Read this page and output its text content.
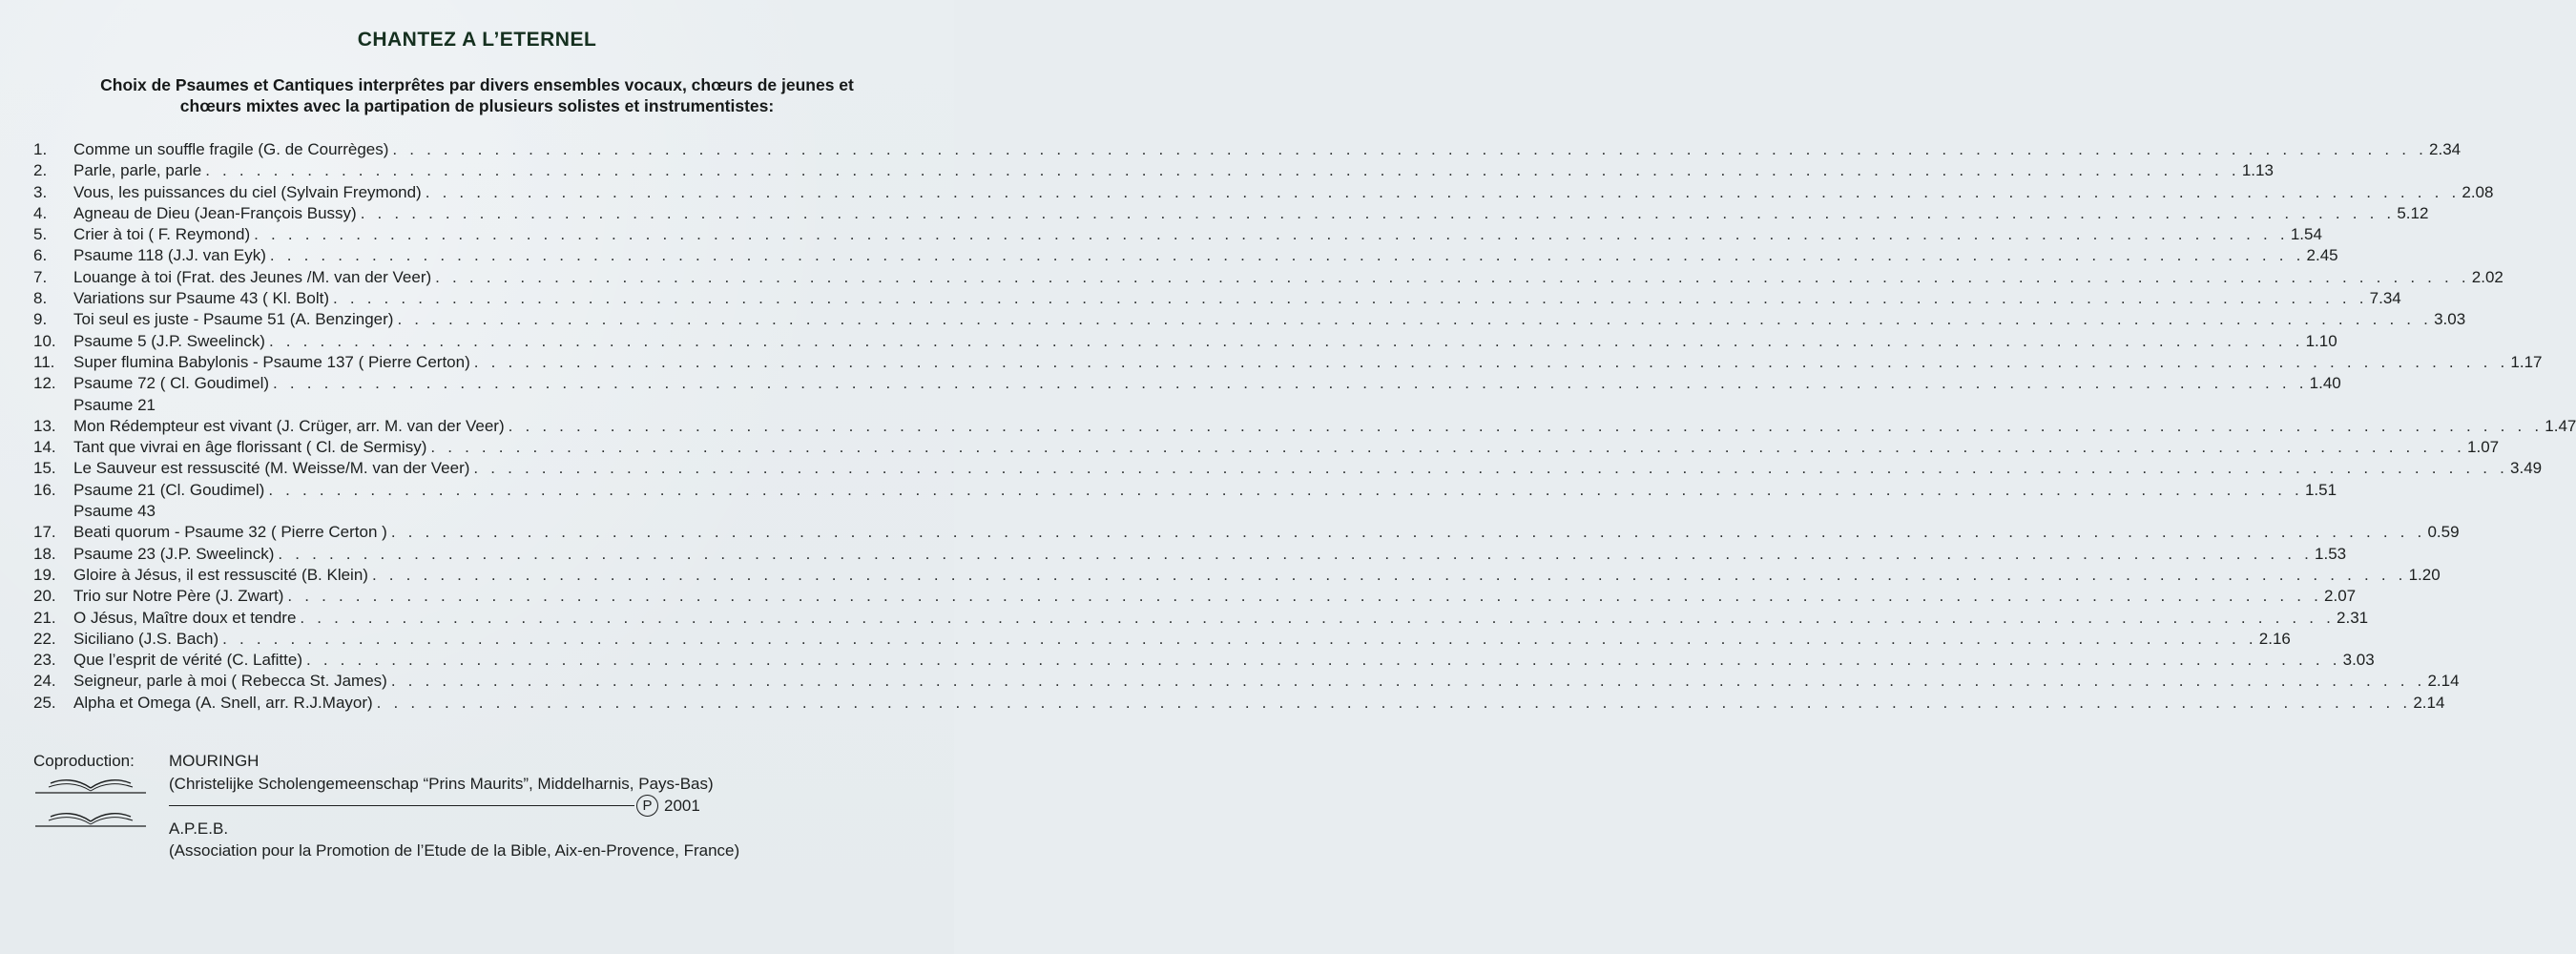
CHANTEZ A L’ETERNEL
Choix de Psaumes et Cantiques interprêtes par divers ensembles vocaux, chœurs de jeunes et
chœurs mixtes avec la partipation de plusieurs solistes et instrumentistes:
1.	Comme un souffle fragile (G. de Courrèges) . . . . . . . . . . . . . . . . . . . . . . . . . . . . . . . . . . . . . . . . . . . . . . . . . . . . . . . . . . . . . . . . . . . . . . . . . . . . . . . . . . . . . . . . . . . . . . . . . . . . . . . . . . . . . . . . . . . . . . . . 2.34
2.	Parle, parle, parle . . . . . . . . . . . . . . . . . . . . . . . . . . . . . . . . . . . . . . . . . . . . . . . . . . . . . . . . . . . . . . . . . . . . . . . . . . . . . . . . . . . . . . . . . . . . . . . . . . . . . . . . . . . . . . . . . . . . . . . . 1.13
3.	Vous, les puissances du ciel (Sylvain Freymond) . . . . . . . . . . . . . . . . . . . . . . . . . . . . . . . . . . . . . . . . . . . . . . . . . . . . . . . . . . . . . . . . . . . . . . . . . . . . . . . . . . . . . . . . . . . . . . . . . . . . . . . . . . . . . . . . . . . . . . . . 2.08
4.	Agneau de Dieu (Jean-François Bussy) . . . . . . . . . . . . . . . . . . . . . . . . . . . . . . . . . . . . . . . . . . . . . . . . . . . . . . . . . . . . . . . . . . . . . . . . . . . . . . . . . . . . . . . . . . . . . . . . . . . . . . . . . . . . . . . . . . . . . . . . 5.12
5.	Crier à toi ( F. Reymond) . . . . . . . . . . . . . . . . . . . . . . . . . . . . . . . . . . . . . . . . . . . . . . . . . . . . . . . . . . . . . . . . . . . . . . . . . . . . . . . . . . . . . . . . . . . . . . . . . . . . . . . . . . . . . . . . . . . . . . . . 1.54
6.	Psaume 118 (J.J. van Eyk) . . . . . . . . . . . . . . . . . . . . . . . . . . . . . . . . . . . . . . . . . . . . . . . . . . . . . . . . . . . . . . . . . . . . . . . . . . . . . . . . . . . . . . . . . . . . . . . . . . . . . . . . . . . . . . . . . . . . . . . . 2.45
7.	Louange à toi (Frat. des Jeunes /M. van der Veer) . . . . . . . . . . . . . . . . . . . . . . . . . . . . . . . . . . . . . . . . . . . . . . . . . . . . . . . . . . . . . . . . . . . . . . . . . . . . . . . . . . . . . . . . . . . . . . . . . . . . . . . . . . . . . . . . . . . . . . . . 2.02
8.	Variations sur Psaume 43 ( Kl. Bolt) . . . . . . . . . . . . . . . . . . . . . . . . . . . . . . . . . . . . . . . . . . . . . . . . . . . . . . . . . . . . . . . . . . . . . . . . . . . . . . . . . . . . . . . . . . . . . . . . . . . . . . . . . . . . . . . . . . . . . . . . 7.34
9.	Toi seul es juste - Psaume 51 (A. Benzinger) . . . . . . . . . . . . . . . . . . . . . . . . . . . . . . . . . . . . . . . . . . . . . . . . . . . . . . . . . . . . . . . . . . . . . . . . . . . . . . . . . . . . . . . . . . . . . . . . . . . . . . . . . . . . . . . . . . . . . . . . 3.03
10.	Psaume 5 (J.P. Sweelinck) . . . . . . . . . . . . . . . . . . . . . . . . . . . . . . . . . . . . . . . . . . . . . . . . . . . . . . . . . . . . . . . . . . . . . . . . . . . . . . . . . . . . . . . . . . . . . . . . . . . . . . . . . . . . . . . . . . . . . . . . 1.10
11.	Super flumina Babylonis - Psaume 137 ( Pierre Certon) . . . . . . . . . . . . . . . . . . . . . . . . . . . . . . . . . . . . . . . . . . . . . . . . . . . . . . . . . . . . . . . . . . . . . . . . . . . . . . . . . . . . . . . . . . . . . . . . . . . . . . . . . . . . . . . . . . . . . . . . 1.17
12.	Psaume 72 ( Cl. Goudimel) . . . . . . . . . . . . . . . . . . . . . . . . . . . . . . . . . . . . . . . . . . . . . . . . . . . . . . . . . . . . . . . . . . . . . . . . . . . . . . . . . . . . . . . . . . . . . . . . . . . . . . . . . . . . . . . . . . . . . . . . 1.40
Psaume 21
13.	Mon Rédempteur est vivant (J. Crüger, arr. M. van der Veer) . . . . . . . . . . . . . . . . . . . . . . . . . . . . . . . . . . . . . . . . . . . . . . . . . . . . . . . . . . . . . . . . . . . . . . . . . . . . . . . . . . . . . . . . . . . . . . . . . . . . . . . . . . . . . . . . . . . . . . . . 1.47
14.	Tant que vivrai en âge florissant ( Cl. de Sermisy) . . . . . . . . . . . . . . . . . . . . . . . . . . . . . . . . . . . . . . . . . . . . . . . . . . . . . . . . . . . . . . . . . . . . . . . . . . . . . . . . . . . . . . . . . . . . . . . . . . . . . . . . . . . . . . . . . . . . . . . . 1.07
15.	Le Sauveur est ressuscité (M. Weisse/M. van der Veer) . . . . . . . . . . . . . . . . . . . . . . . . . . . . . . . . . . . . . . . . . . . . . . . . . . . . . . . . . . . . . . . . . . . . . . . . . . . . . . . . . . . . . . . . . . . . . . . . . . . . . . . . . . . . . . . . . . . . . . . . 3.49
16.	Psaume 21 (Cl. Goudimel) . . . . . . . . . . . . . . . . . . . . . . . . . . . . . . . . . . . . . . . . . . . . . . . . . . . . . . . . . . . . . . . . . . . . . . . . . . . . . . . . . . . . . . . . . . . . . . . . . . . . . . . . . . . . . . . . . . . . . . . . 1.51
Psaume 43
17.	Beati quorum - Psaume 32 ( Pierre Certon ) . . . . . . . . . . . . . . . . . . . . . . . . . . . . . . . . . . . . . . . . . . . . . . . . . . . . . . . . . . . . . . . . . . . . . . . . . . . . . . . . . . . . . . . . . . . . . . . . . . . . . . . . . . . . . . . . . . . . . . . . 0.59
18.	Psaume 23 (J.P. Sweelinck) . . . . . . . . . . . . . . . . . . . . . . . . . . . . . . . . . . . . . . . . . . . . . . . . . . . . . . . . . . . . . . . . . . . . . . . . . . . . . . . . . . . . . . . . . . . . . . . . . . . . . . . . . . . . . . . . . . . . . . . . 1.53
19.	Gloire à Jésus, il est ressuscité (B. Klein) . . . . . . . . . . . . . . . . . . . . . . . . . . . . . . . . . . . . . . . . . . . . . . . . . . . . . . . . . . . . . . . . . . . . . . . . . . . . . . . . . . . . . . . . . . . . . . . . . . . . . . . . . . . . . . . . . . . . . . . . 1.20
20.	Trio sur Notre Père (J. Zwart) . . . . . . . . . . . . . . . . . . . . . . . . . . . . . . . . . . . . . . . . . . . . . . . . . . . . . . . . . . . . . . . . . . . . . . . . . . . . . . . . . . . . . . . . . . . . . . . . . . . . . . . . . . . . . . . . . . . . . . . . 2.07
21.	O Jésus, Maître doux et tendre . . . . . . . . . . . . . . . . . . . . . . . . . . . . . . . . . . . . . . . . . . . . . . . . . . . . . . . . . . . . . . . . . . . . . . . . . . . . . . . . . . . . . . . . . . . . . . . . . . . . . . . . . . . . . . . . . . . . . . . . 2.31
22.	Siciliano (J.S. Bach) . . . . . . . . . . . . . . . . . . . . . . . . . . . . . . . . . . . . . . . . . . . . . . . . . . . . . . . . . . . . . . . . . . . . . . . . . . . . . . . . . . . . . . . . . . . . . . . . . . . . . . . . . . . . . . . . . . . . . . . . 2.16
23.	Que l’esprit de vérité (C. Lafitte) . . . . . . . . . . . . . . . . . . . . . . . . . . . . . . . . . . . . . . . . . . . . . . . . . . . . . . . . . . . . . . . . . . . . . . . . . . . . . . . . . . . . . . . . . . . . . . . . . . . . . . . . . . . . . . . . . . . . . . . . 3.03
24.	Seigneur, parle à moi ( Rebecca St. James) . . . . . . . . . . . . . . . . . . . . . . . . . . . . . . . . . . . . . . . . . . . . . . . . . . . . . . . . . . . . . . . . . . . . . . . . . . . . . . . . . . . . . . . . . . . . . . . . . . . . . . . . . . . . . . . . . . . . . . . . 2.14
25.	Alpha et Omega (A. Snell, arr. R.J.Mayor) . . . . . . . . . . . . . . . . . . . . . . . . . . . . . . . . . . . . . . . . . . . . . . . . . . . . . . . . . . . . . . . . . . . . . . . . . . . . . . . . . . . . . . . . . . . . . . . . . . . . . . . . . . . . . . . . . . . . . . . . 2.14
Coproduction: MOURINGH
(Christelijke Scholengemeenschap “Prins Maurits”, Middelharnis, Pays-Bas)
P 2001
A.P.E.B.
(Association pour la Promotion de l’Etude de la Bible, Aix-en-Provence, France)
